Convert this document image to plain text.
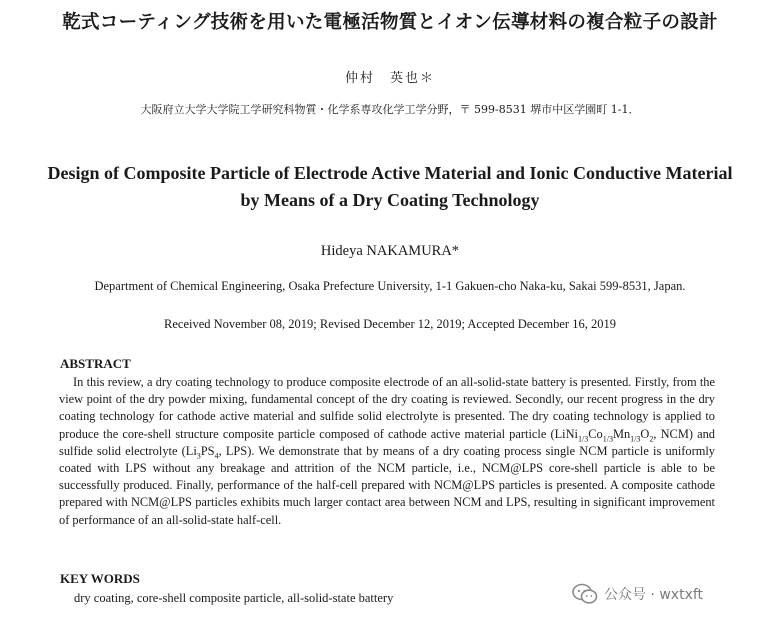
乾式コーティング技術を用いた電極活物質とイオン伝導材料の複合粒子の設計
仲村　英也＊
大阪府立大学大学院工学研究科物質・化学系専攻化学工学分野，〒 599-8531 堺市中区学園町 1-1．
Design of Composite Particle of Electrode Active Material and Ionic Conductive Material
by Means of a Dry Coating Technology
Hideya NAKAMURA*
Department of Chemical Engineering, Osaka Prefecture University, 1-1 Gakuen-cho Naka-ku, Sakai 599-8531, Japan.
Received November 08, 2019; Revised December 12, 2019; Accepted December 16, 2019
ABSTRACT

In this review, a dry coating technology to produce composite electrode of an all-solid-state battery is presented. Firstly, from the view point of the dry powder mixing, fundamental concept of the dry coating is reviewed. Secondly, our recent progress in the dry coating technology for cathode active material and sulfide solid electrolyte is presented. The dry coating technology is applied to produce the core-shell structure composite particle composed of cathode active material particle ($LiNi_{1/3}Co_{1/3}Mn_{1/3}O_2$, NCM) and sulfide solid electrolyte ($Li_3PS_4$, LPS). We demonstrate that by means of a dry coating process single NCM particle is uniformly coated with LPS without any breakage and attrition of the NCM particle, i.e., NCM@LPS core-shell particle is able to be successfully produced. Finally, performance of the half-cell prepared with NCM@LPS particles is presented. A composite cathode prepared with NCM@LPS particles exhibits much larger contact area between NCM and LPS, resulting in significant improvement of performance of an all-solid-state half-cell.

KEY WORDS
dry coating, core-shell composite particle, all-solid-state battery	公众号 · wxtxft
